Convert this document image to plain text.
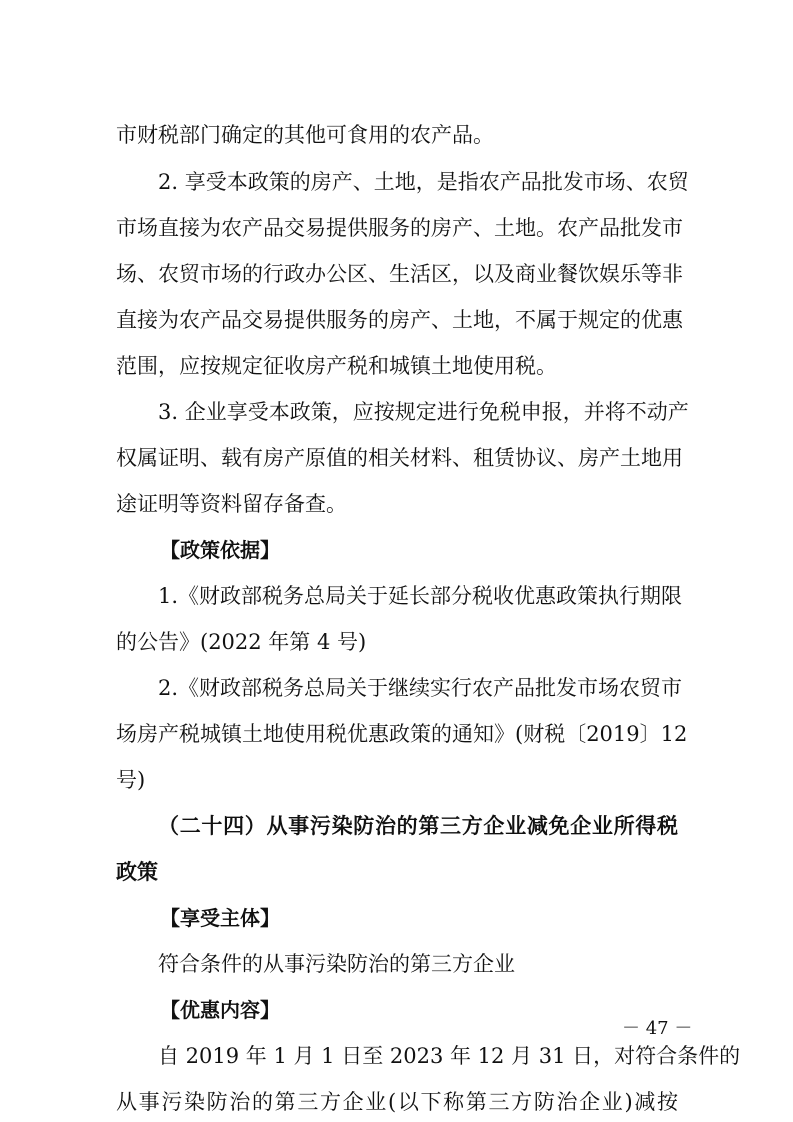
市财税部门确定的其他可食用的农产品。
2. 享受本政策的房产、土地，是指农产品批发市场、农贸
市场直接为农产品交易提供服务的房产、土地。农产品批发市
场、农贸市场的行政办公区、生活区，以及商业餐饮娱乐等非
直接为农产品交易提供服务的房产、土地，不属于规定的优惠
范围，应按规定征收房产税和城镇土地使用税。
3. 企业享受本政策，应按规定进行免税申报，并将不动产
权属证明、载有房产原值的相关材料、租赁协议、房产土地用
途证明等资料留存备查。
【政策依据】
1.《财政部税务总局关于延长部分税收优惠政策执行期限
的公告》(2022 年第 4 号)
2.《财政部税务总局关于继续实行农产品批发市场农贸市
场房产税城镇土地使用税优惠政策的通知》(财税〔2019〕12
号)
（二十四）从事污染防治的第三方企业减免企业所得税
政策
【享受主体】
符合条件的从事污染防治的第三方企业
【优惠内容】
自 2019 年 1 月 1 日至 2023 年 12 月 31 日，对符合条件的
从事污染防治的第三方企业(以下称第三方防治企业)减按
－ 47 －
